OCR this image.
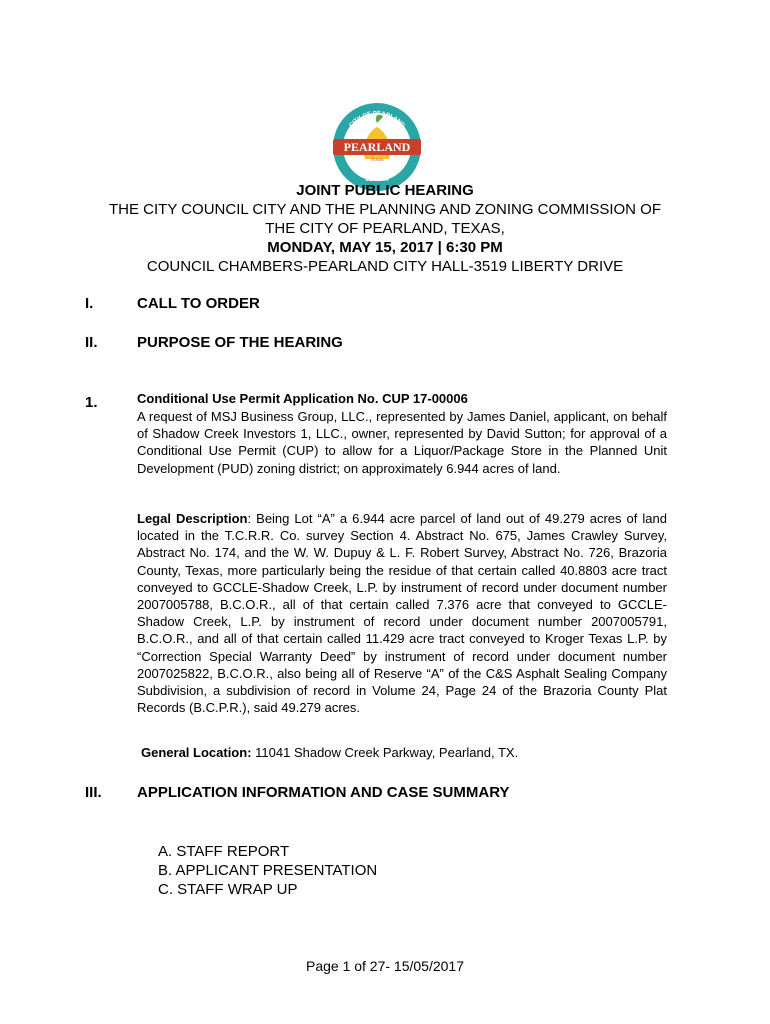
PEARLAND
TEXAS
CITY OF PEARLAND
EST. 1894
JOINT PUBLIC HEARING
THE CITY COUNCIL CITY AND THE PLANNING AND ZONING COMMISSION OF
THE CITY OF PEARLAND, TEXAS,
MONDAY, MAY 15, 2017 | 6:30 PM
COUNCIL CHAMBERS-PEARLAND CITY HALL-3519 LIBERTY DRIVE
I.	CALL TO ORDER
II.	PURPOSE OF THE HEARING
1.	Conditional Use Permit Application No. CUP 17-00006
A request of MSJ Business Group, LLC., represented by James Daniel, applicant, on behalf of Shadow Creek Investors 1, LLC., owner, represented by David Sutton; for approval of a Conditional Use Permit (CUP) to allow for a Liquor/Package Store in the Planned Unit Development (PUD) zoning district; on approximately 6.944 acres of land.
Legal Description: Being Lot “A” a 6.944 acre parcel of land out of 49.279 acres of land located in the T.C.R.R. Co. survey Section 4. Abstract No. 675, James Crawley Survey, Abstract No. 174, and the W. W. Dupuy & L. F. Robert Survey, Abstract No. 726, Brazoria County, Texas, more particularly being the residue of that certain called 40.8803 acre tract conveyed to GCCLE-Shadow Creek, L.P. by instrument of record under document number 2007005788, B.C.O.R., all of that certain called 7.376 acre that conveyed to GCCLE-Shadow Creek, L.P. by instrument of record under document number 2007005791, B.C.O.R., and all of that certain called 11.429 acre tract conveyed to Kroger Texas L.P. by “Correction Special Warranty Deed” by instrument of record under document number 2007025822, B.C.O.R., also being all of Reserve “A” of the C&S Asphalt Sealing Company Subdivision, a subdivision of record in Volume 24, Page 24 of the Brazoria County Plat Records (B.C.P.R.), said 49.279 acres.
General Location: 11041 Shadow Creek Parkway, Pearland, TX.
III. APPLICATION INFORMATION AND CASE SUMMARY
A. STAFF REPORT
B. APPLICANT PRESENTATION
C. STAFF WRAP UP
Page 1 of 27- 15/05/2017
